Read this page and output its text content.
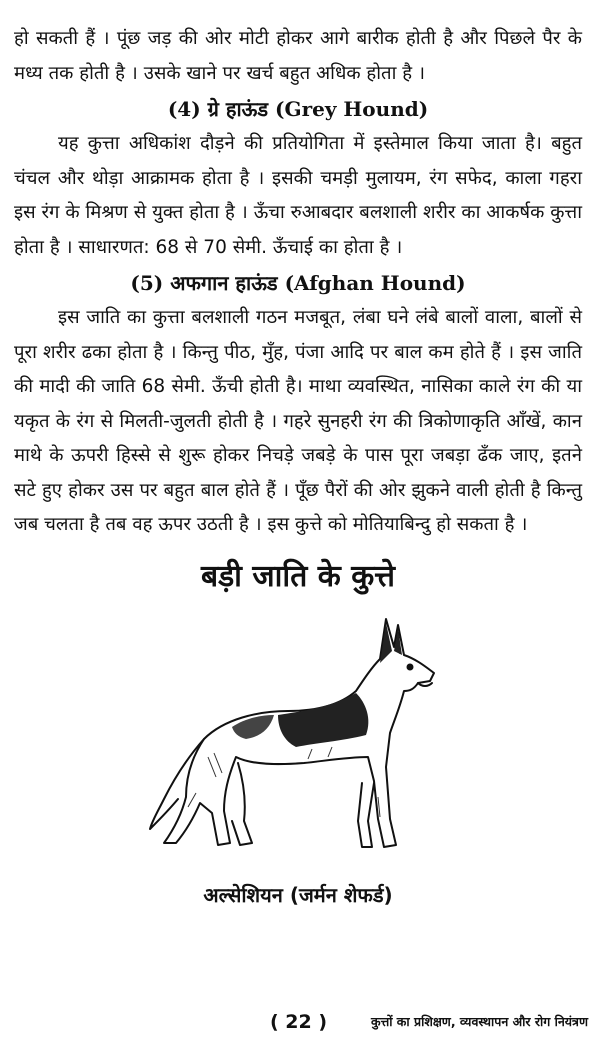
हो सकती हैं । पूंछ जड़ की ओर मोटी होकर आगे बारीक होती है और पिछले पैर के मध्य तक होती है । उसके खाने पर खर्च बहुत अधिक होता है ।

(4) ग्रे हाऊंड (Grey Hound)

यह कुत्ता अधिकांश दौड़ने की प्रतियोगिता में इस्तेमाल किया जाता है। बहुत चंचल और थोड़ा आक्रामक होता है । इसकी चमड़ी मुलायम, रंग सफेद, काला गहरा इस रंग के मिश्रण से युक्त होता है । ऊँचा रुआबदार बलशाली शरीर का आकर्षक कुत्ता होता है । साधारणत: 68 से 70 सेमी. ऊँचाई का होता है ।

(5) अफगान हाऊंड (Afghan Hound)

इस जाति का कुत्ता बलशाली गठन मजबूत, लंबा घने लंबे बालों वाला, बालों से पूरा शरीर ढका होता है । किन्तु पीठ, मुँह, पंजा आदि पर बाल कम होते हैं । इस जाति की मादी की जाति 68 सेमी. ऊँची होती है। माथा व्यवस्थित, नासिका काले रंग की या यकृत के रंग से मिलती-जुलती होती है । गहरे सुनहरी रंग की त्रिकोणाकृति आँखें, कान माथे के ऊपरी हिस्से से शुरू होकर निचड़े जबड़े के पास पूरा जबड़ा ढँक जाए, इतने सटे हुए होकर उस पर बहुत बाल होते हैं । पूँछ पैरों की ओर झुकने वाली होती है किन्तु जब चलता है तब वह ऊपर उठती है । इस कुत्ते को मोतियाबिन्दु हो सकता है ।

बड़ी जाति के कुत्ते

अल्सेशियन (जर्मन शेफर्ड)

( 22 )	कुत्तों का प्रशिक्षण, व्यवस्थापन और रोग नियंत्रण
